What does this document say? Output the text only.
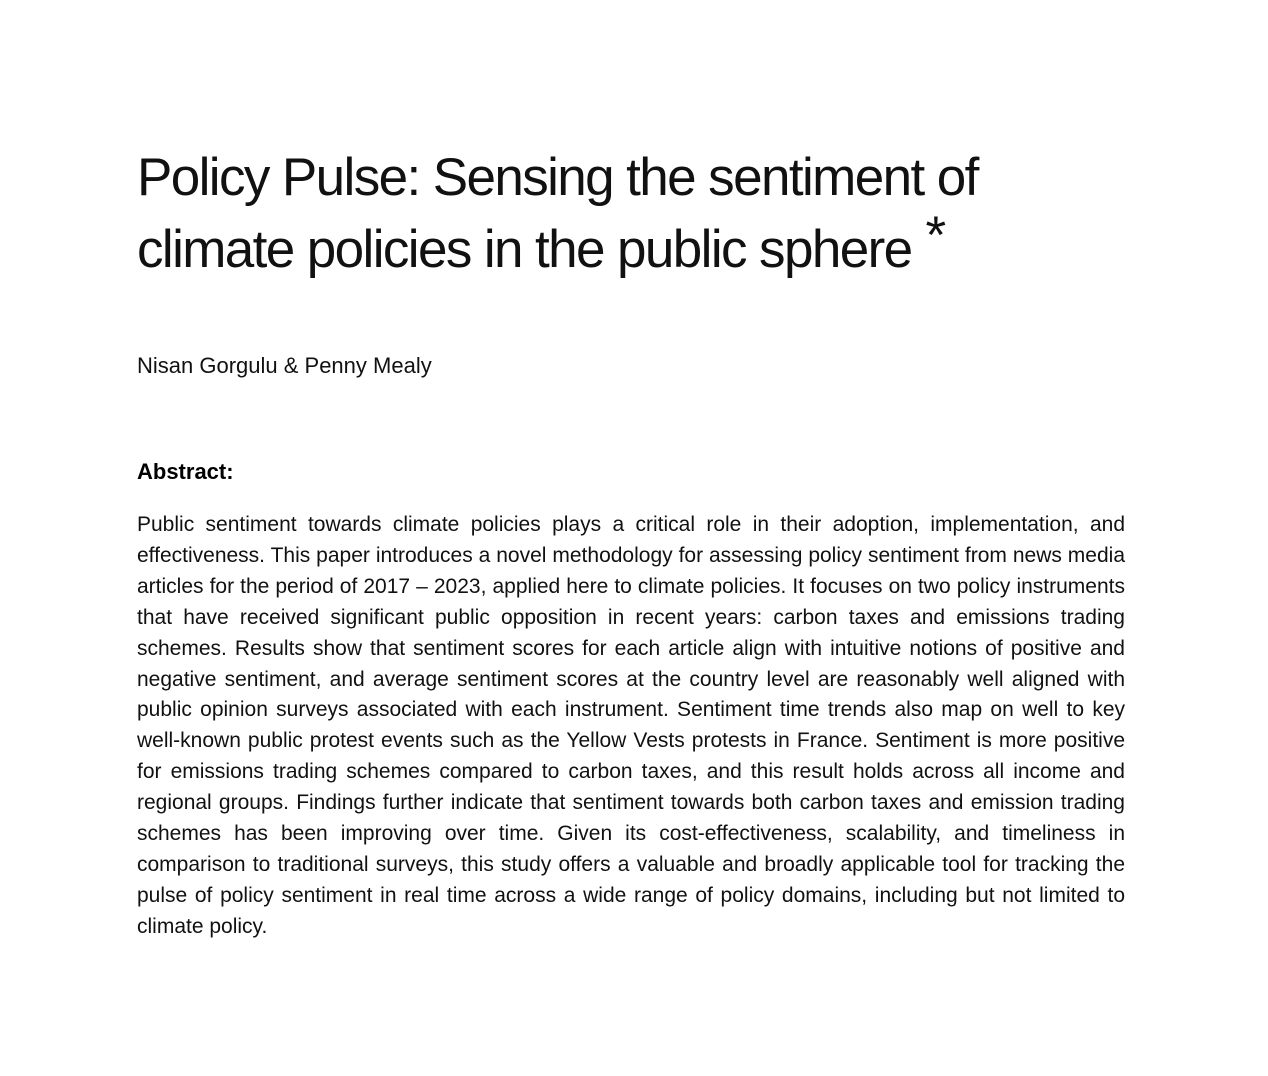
Policy Pulse: Sensing the sentiment of climate policies in the public sphere *

Nisan Gorgulu & Penny Mealy

Abstract:

Public sentiment towards climate policies plays a critical role in their adoption, implementation, and effectiveness. This paper introduces a novel methodology for assessing policy sentiment from news media articles for the period of 2017 – 2023, applied here to climate policies. It focuses on two policy instruments that have received significant public opposition in recent years: carbon taxes and emissions trading schemes. Results show that sentiment scores for each article align with intuitive notions of positive and negative sentiment, and average sentiment scores at the country level are reasonably well aligned with public opinion surveys associated with each instrument. Sentiment time trends also map on well to key well-known public protest events such as the Yellow Vests protests in France. Sentiment is more positive for emissions trading schemes compared to carbon taxes, and this result holds across all income and regional groups. Findings further indicate that sentiment towards both carbon taxes and emission trading schemes has been improving over time. Given its cost-effectiveness, scalability, and timeliness in comparison to traditional surveys, this study offers a valuable and broadly applicable tool for tracking the pulse of policy sentiment in real time across a wide range of policy domains, including but not limited to climate policy.
